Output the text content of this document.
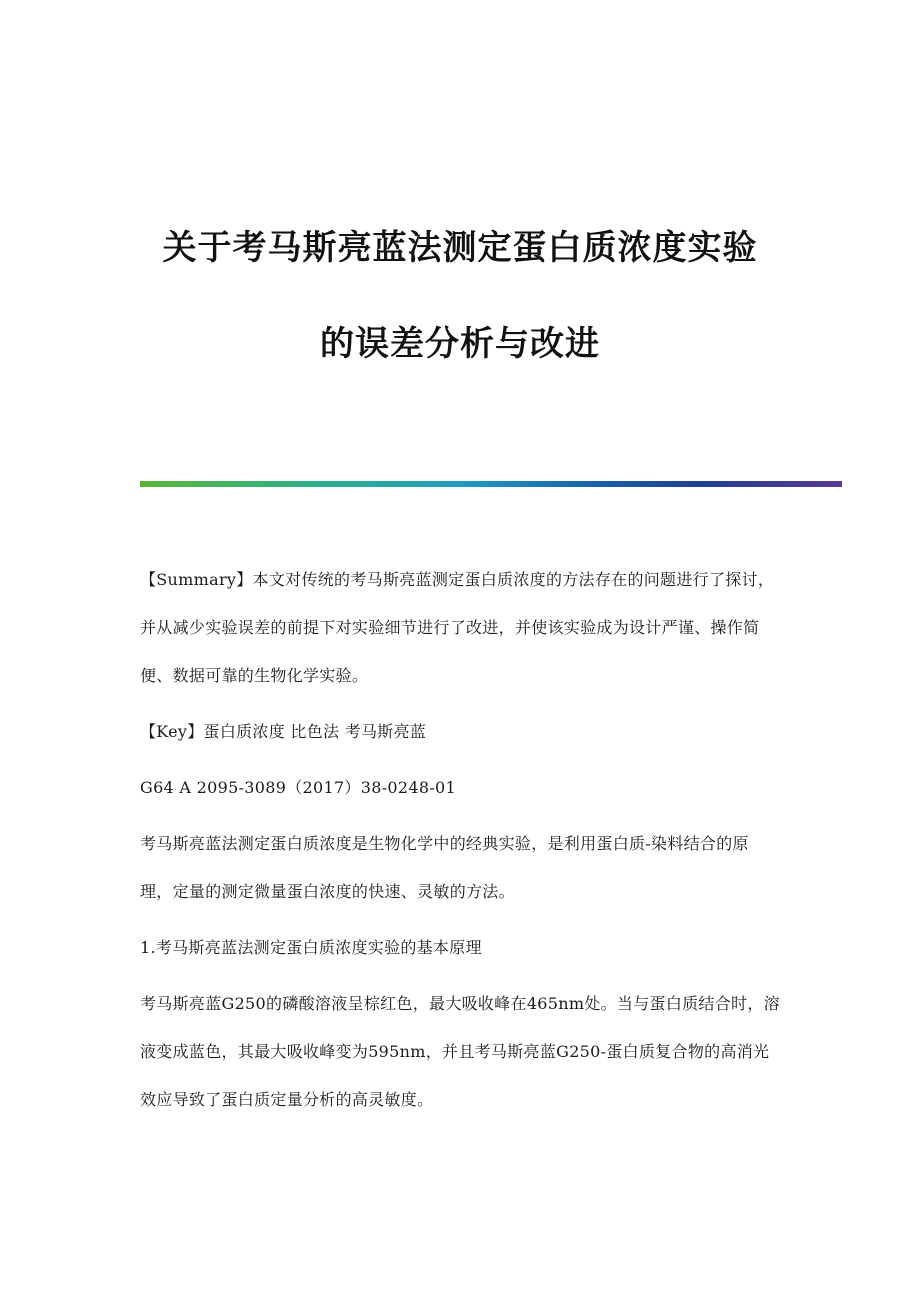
关于考马斯亮蓝法测定蛋白质浓度实验
的误差分析与改进

【Summary】本文对传统的考马斯亮蓝测定蛋白质浓度的方法存在的问题进行了探讨，并从减少实验误差的前提下对实验细节进行了改进，并使该实验成为设计严谨、操作简便、数据可靠的生物化学实验。

【Key】蛋白质浓度 比色法 考马斯亮蓝

G64 A 2095-3089（2017）38-0248-01

考马斯亮蓝法测定蛋白质浓度是生物化学中的经典实验，是利用蛋白质-染料结合的原理，定量的测定微量蛋白浓度的快速、灵敏的方法。

1.考马斯亮蓝法测定蛋白质浓度实验的基本原理

考马斯亮蓝G250的磷酸溶液呈棕红色，最大吸收峰在465nm处。当与蛋白质结合时，溶液变成蓝色，其最大吸收峰变为595nm，并且考马斯亮蓝G250-蛋白质复合物的高消光效应导致了蛋白质定量分析的高灵敏度。
